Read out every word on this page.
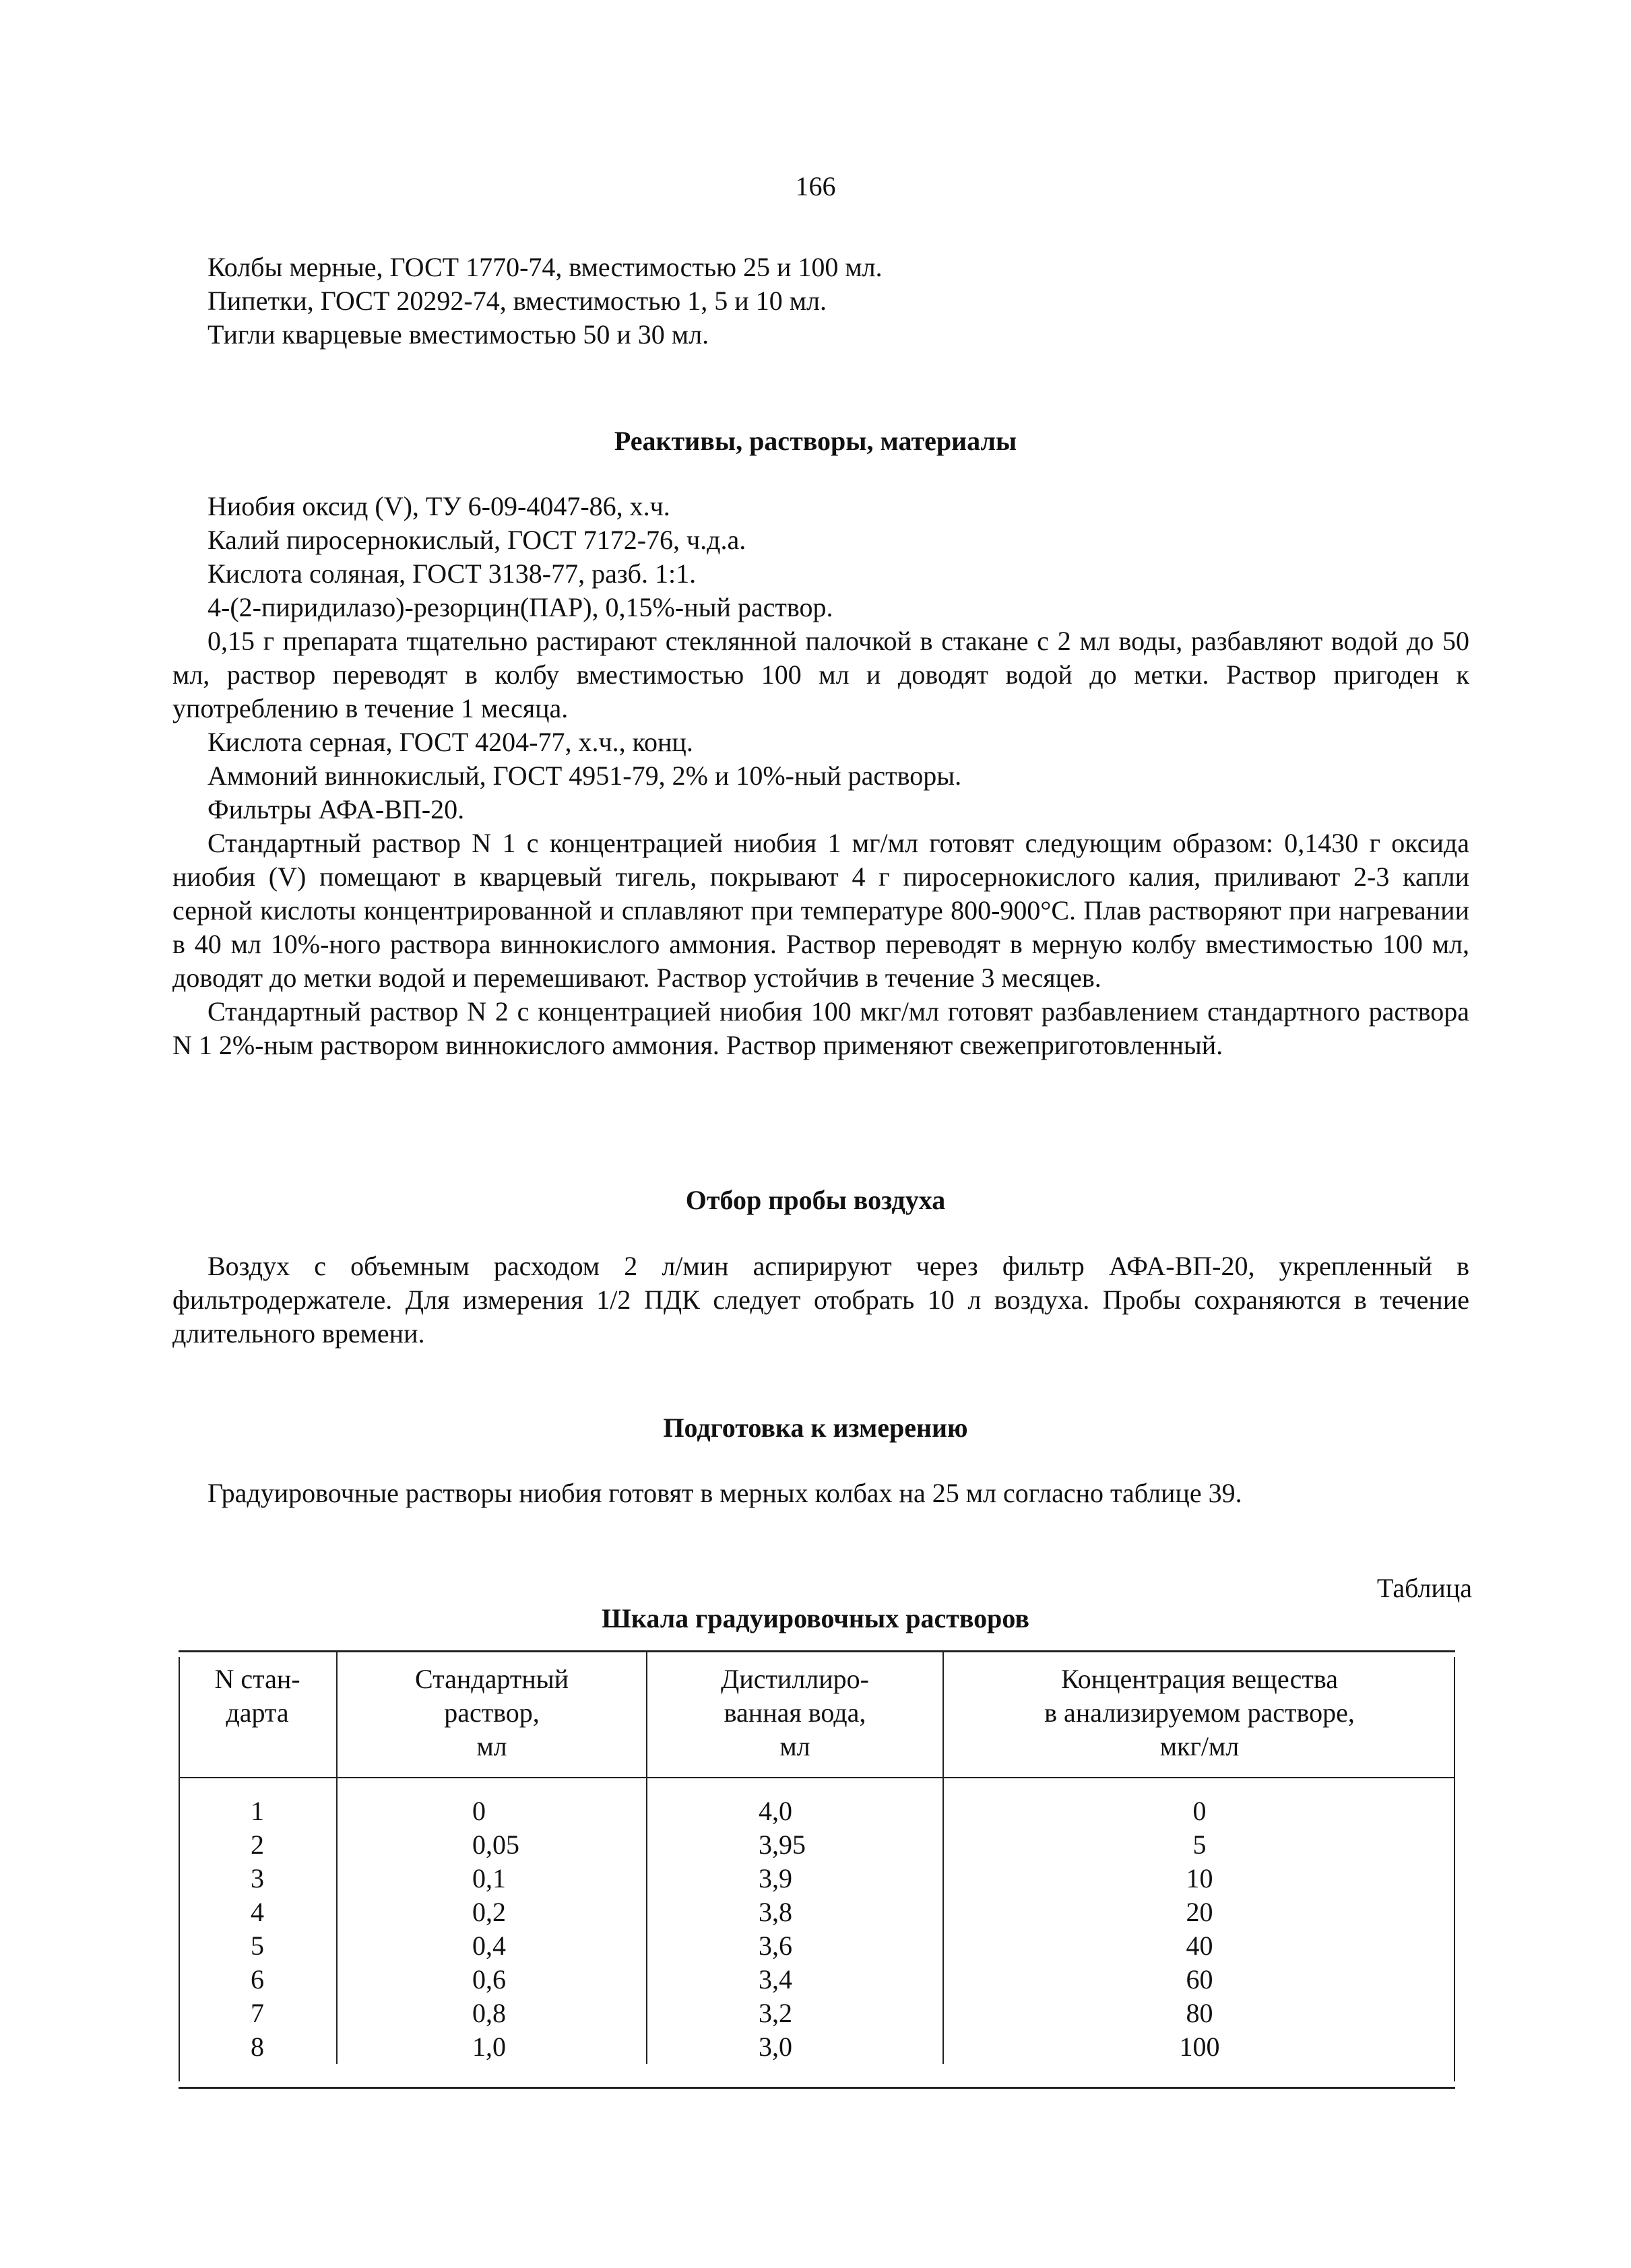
166
Колбы мерные, ГОСТ 1770-74, вместимостью 25 и 100 мл.
Пипетки, ГОСТ 20292-74, вместимостью 1, 5 и 10 мл.
Тигли кварцевые вместимостью 50 и 30 мл.
Реактивы, растворы, материалы
Ниобия оксид (V), ТУ 6-09-4047-86, х.ч.
Калий пиросернокислый, ГОСТ 7172-76, ч.д.а.
Кислота соляная, ГОСТ 3138-77, разб. 1:1.
4-(2-пиридилазо)-резорцин(ПАР), 0,15%-ный раствор.

0,15 г препарата тщательно растирают стеклянной палочкой в стакане с 2 мл воды, разбавляют водой до 50 мл, раствор переводят в колбу вместимостью 100 мл и доводят водой до метки. Раствор пригоден к употреблению в течение 1 месяца.

Кислота серная, ГОСТ 4204-77, х.ч., конц.
Аммоний виннокислый, ГОСТ 4951-79, 2% и 10%-ный растворы.
Фильтры АФА-ВП-20.

Стандартный раствор N 1 с концентрацией ниобия 1 мг/мл готовят следующим образом: 0,1430 г оксида ниобия (V) помещают в кварцевый тигель, покрывают 4 г пиросернокислого калия, приливают 2-3 капли серной кислоты концентрированной и сплавляют при температуре 800-900°С. Плав растворяют при нагревании в 40 мл 10%-ного раствора виннокислого аммония. Раствор переводят в мерную колбу вместимостью 100 мл, доводят до метки водой и перемешивают. Раствор устойчив в течение 3 месяцев.

Стандартный раствор N 2 с концентрацией ниобия 100 мкг/мл готовят разбавлением стандартного раствора N 1 2%-ным раствором виннокислого аммония. Раствор применяют свежеприготовленный.

Отбор пробы воздуха

Воздух с объемным расходом 2 л/мин аспирируют через фильтр АФА-ВП-20, укрепленный в фильтродержателе. Для измерения 1/2 ПДК следует отобрать 10 л воздуха. Пробы сохраняются в течение длительного времени.

Подготовка к измерению

Градуировочные растворы ниобия готовят в мерных колбах на 25 мл согласно таблице 39.

Таблица
Шкала градуировочных растворов
N стан-
дарта	Стандартный
раствор,
мл	Дистиллиро-
ванная вода,
мл	Концентрация вещества
в анализируемом растворе,
мкг/мл
1	0	4,0	0
2	0,05	3,95	5
3	0,1	3,9	10
4	0,2	3,8	20
5	0,4	3,6	40
6	0,6	3,4	60
7	0,8	3,2	80
8	1,0	3,0	100
